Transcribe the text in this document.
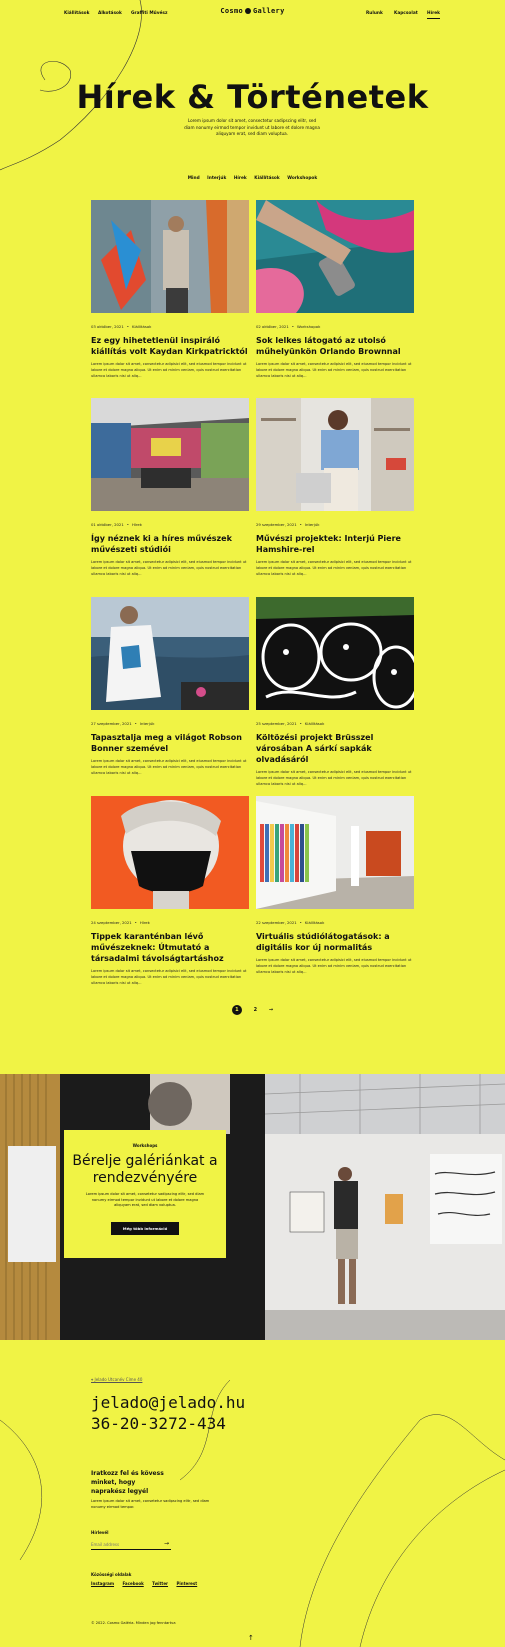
Kiállítások Alkotások Graffiti Művész	Cosmo Gallery	Rulunk	Kapcsolat Hírek
Hírek & Történetek

Lorem ipsum dolor sit amet, consectetur sadipscing elitr, sed diam nonumy eirmod tempor invidunt ut labore et dolore magna aliquyam erat, sed diam voluptua.

Mind Interjúk Hírek Kiállítások Workshopok
03 október, 2021 • Kiállítások
Ez egy hihetetlenül inspiráló kiállítás volt Kaydan Kirkpatricktól

Lorem ipsum dolor sit amet, consectetur adipisici elit, sed eiusmod tempor incidunt ut labore et dolore magna aliqua. Ut enim ad minim veniam, quis nostrud exercitation ullamco laboris nisi ut aliq...

02 október, 2021 • Workshopok
Sok lelkes látogató az utolsó műhelyünkön Orlando Brownnal

Lorem ipsum dolor sit amet, consectetur adipisici elit, sed eiusmod tempor incidunt ut labore et dolore magna aliqua. Ut enim ad minim veniam, quis nostrud exercitation ullamco laboris nisi ut aliq...

01 október, 2021 • Hírek
Így néznek ki a híres művészek művészeti stúdiói

Lorem ipsum dolor sit amet, consectetur adipisici elit, sed eiusmod tempor incidunt ut labore et dolore magna aliqua. Ut enim ad minim veniam, quis nostrud exercitation ullamco laboris nisi ut aliq...

29 szeptember, 2021 • Interjúk
Művészi projektek: Interjú Piere Hamshire-rel

Lorem ipsum dolor sit amet, consectetur adipisici elit, sed eiusmod tempor incidunt ut labore et dolore magna aliqua. Ut enim ad minim veniam, quis nostrud exercitation ullamco laboris nisi ut aliq...

27 szeptember, 2021 • Interjúk
Tapasztalja meg a világot Robson Bonner szemével

Lorem ipsum dolor sit amet, consectetur adipisici elit, sed eiusmod tempor incidunt ut labore et dolore magna aliqua. Ut enim ad minim veniam, quis nostrud exercitation ullamco laboris nisi ut aliq...

25 szeptember, 2021 • Kiállítások
Költözési projekt Brüsszel városában A sárkí sapkák olvadásáról

Lorem ipsum dolor sit amet, consectetur adipisici elit, sed eiusmod tempor incidunt ut labore et dolore magna aliqua. Ut enim ad minim veniam, quis nostrud exercitation ullamco laboris nisi ut aliq...

24 szeptember, 2021 • Hírek
Tippek karanténban lévő művészeknek: Útmutató a társadalmi távolságtartáshoz

Lorem ipsum dolor sit amet, consectetur adipisici elit, sed eiusmod tempor incidunt ut labore et dolore magna aliqua. Ut enim ad minim veniam, quis nostrud exercitation ullamco laboris nisi ut aliq...

22 szeptember, 2021 • Kiállítások
Virtuális stúdiólátogatások: a digitális kor új normalitás

Lorem ipsum dolor sit amet, consectetur adipisici elit, sed eiusmod tempor incidunt ut labore et dolore magna aliqua. Ut enim ad minim veniam, quis nostrud exercitation ullamco laboris nisi ut aliq...

1	2 →
Workshops
Bérelje galériánkat a rendezvényére

Lorem ipsum dolor sit amet, consetetur sadipscing elitr, sed diam nonumy eirmod tempor invidunt ut labore et dolore magna aliquyam erat, sed diam voluptua.

Még több információ
⌖ Jelado Utcanév Címe 40
jelado@jelado.hu
36-20-3272-434
Iratkozz fel és kövess minket, hogy naprakész legyél
Lorem ipsum dolor sit amet, consetetur sadipscing elitr, sed diam nonumy eirmod tempor.
Hírlevél
Email address
→
Közösségi oldalak
Instagram Facebook Twitter Pinterest
© 2022. Cosmo Galéria. Minden jog fenntartva
↑
